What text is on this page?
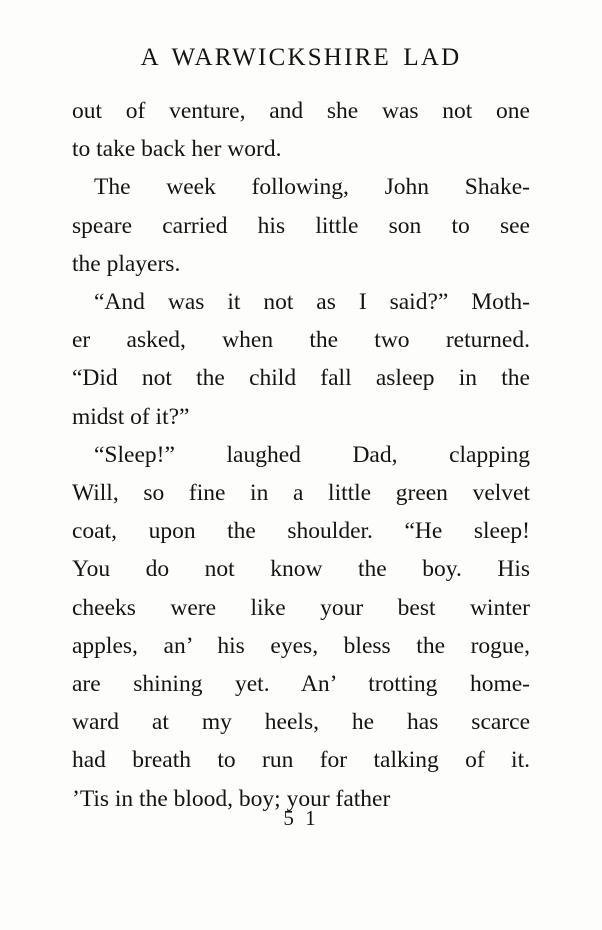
A WARWICKSHIRE LAD

out of venture, and she was not one
to take back her word.

The week following, John Shake-
speare carried his little son to see
the players.

“And was it not as I said?” Moth-
er asked, when the two returned.
“Did not the child fall asleep in the
midst of it?”

“Sleep!” laughed Dad, clapping
Will, so fine in a little green velvet
coat, upon the shoulder. “He sleep!
You do not know the boy. His
cheeks were like your best winter
apples, an’ his eyes, bless the rogue,
are shining yet. An’ trotting home-
ward at my heels, he has scarce
had breath to run for talking of it.
’Tis in the blood, boy; your father

5 1
